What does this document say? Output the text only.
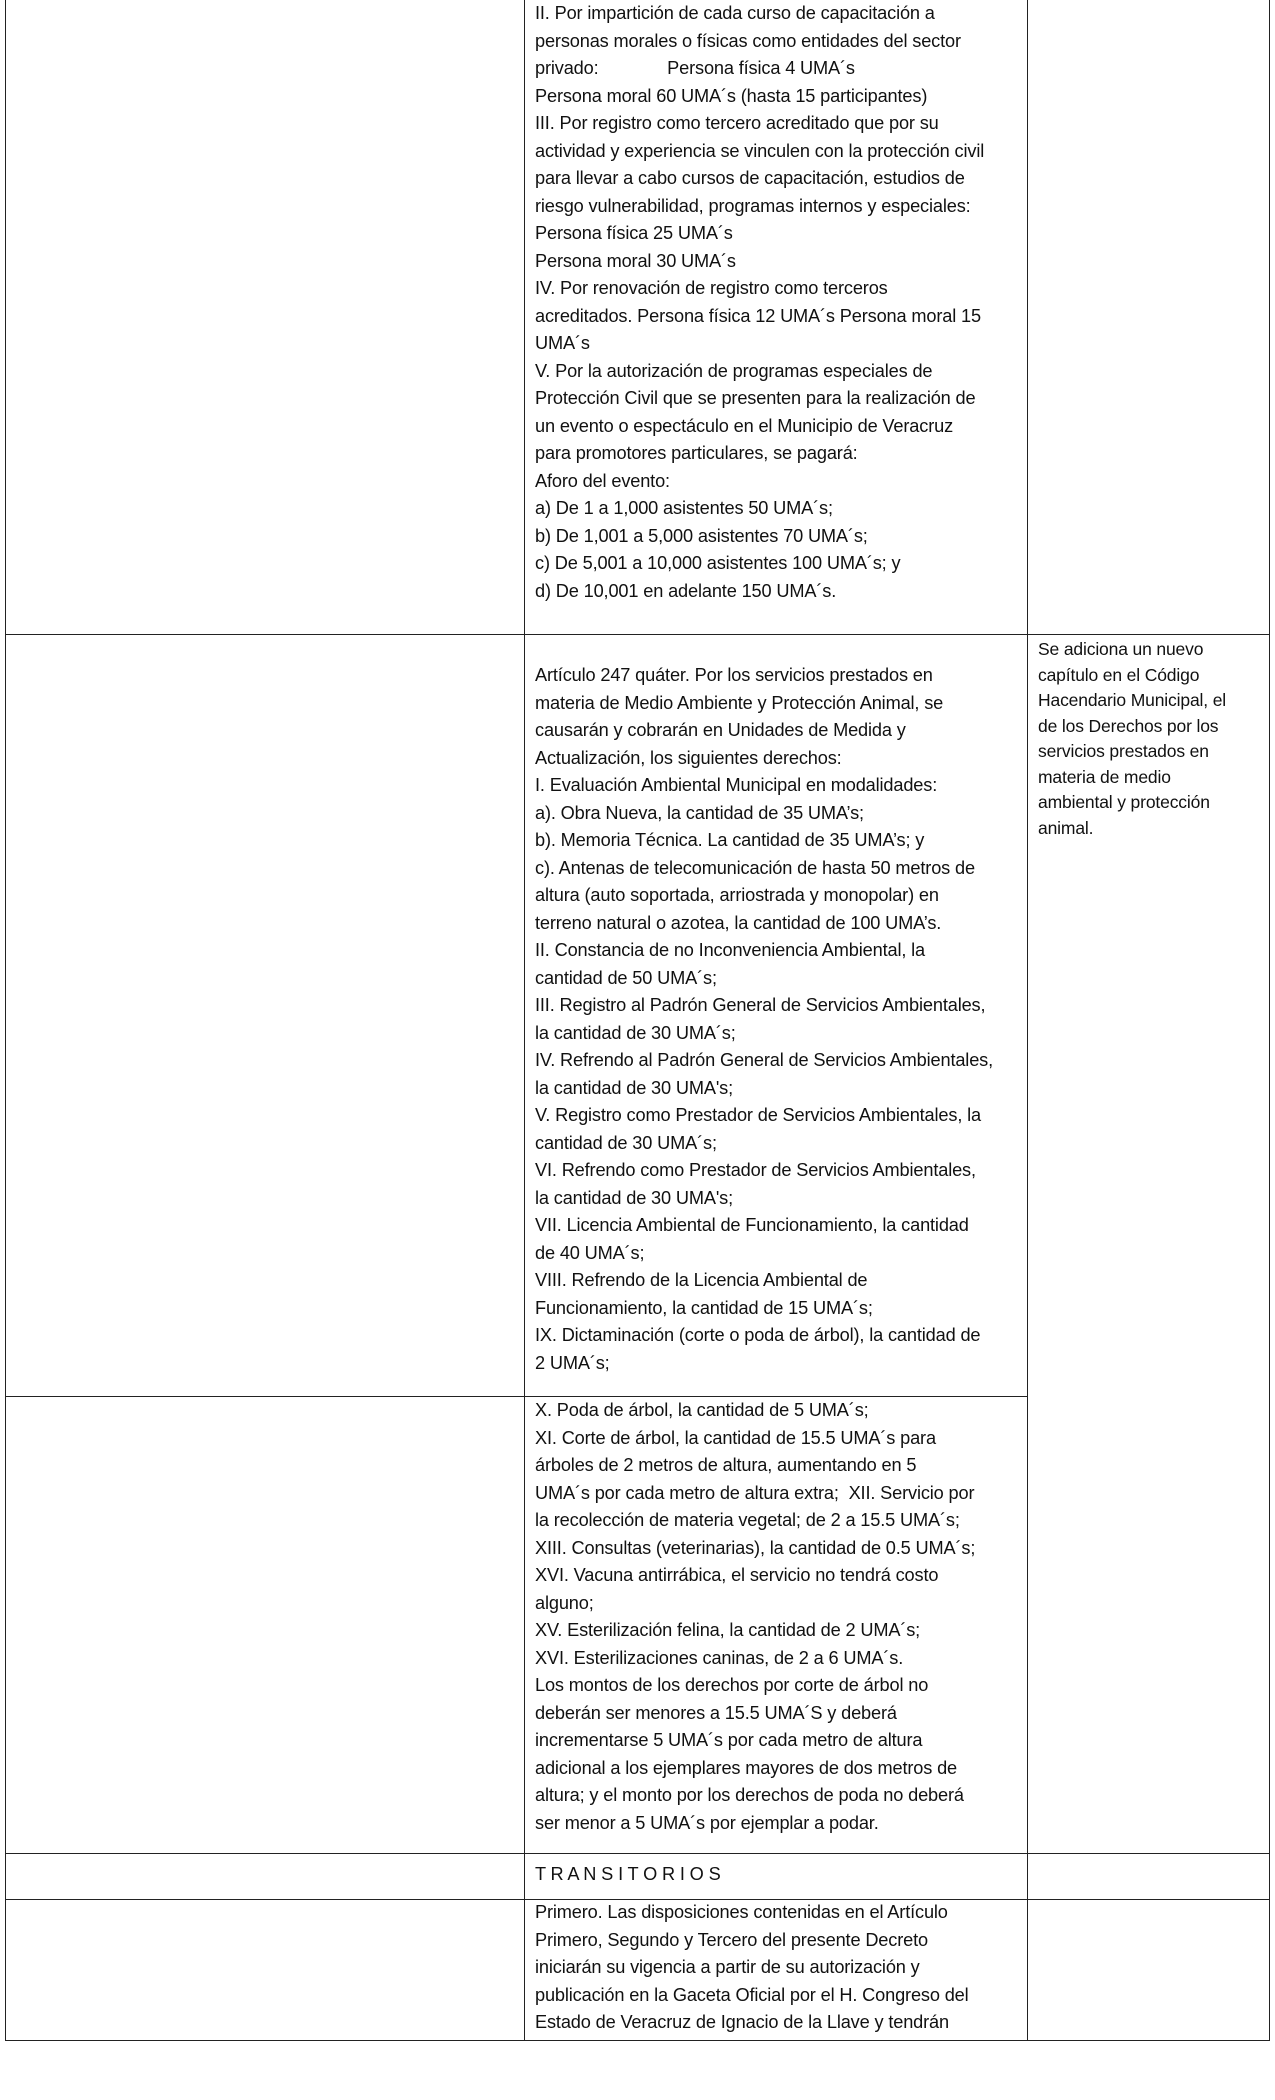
II. Por impartición de cada curso de capacitación a
personas morales o físicas como entidades del sector
privado:              Persona física 4 UMA´s
Persona moral 60 UMA´s (hasta 15 participantes)
III. Por registro como tercero acreditado que por su
actividad y experiencia se vinculen con la protección civil
para llevar a cabo cursos de capacitación, estudios de
riesgo vulnerabilidad, programas internos y especiales:
Persona física 25 UMA´s
Persona moral 30 UMA´s
IV. Por renovación de registro como terceros
acreditados. Persona física 12 UMA´s Persona moral 15
UMA´s
V. Por la autorización de programas especiales de
Protección Civil que se presenten para la realización de
un evento o espectáculo en el Municipio de Veracruz
para promotores particulares, se pagará:
Aforo del evento:
a) De 1 a 1,000 asistentes 50 UMA´s;
b) De 1,001 a 5,000 asistentes 70 UMA´s;
c) De 5,001 a 10,000 asistentes 100 UMA´s; y
d) De 10,001 en adelante 150 UMA´s.
Artículo 247 quáter. Por los servicios prestados en
materia de Medio Ambiente y Protección Animal, se
causarán y cobrarán en Unidades de Medida y
Actualización, los siguientes derechos:
I. Evaluación Ambiental Municipal en modalidades:
a). Obra Nueva, la cantidad de 35 UMA’s;
b). Memoria Técnica. La cantidad de 35 UMA’s; y
c). Antenas de telecomunicación de hasta 50 metros de
altura (auto soportada, arriostrada y monopolar) en
terreno natural o azotea, la cantidad de 100 UMA’s.
II. Constancia de no Inconveniencia Ambiental, la
cantidad de 50 UMA´s;
III. Registro al Padrón General de Servicios Ambientales,
la cantidad de 30 UMA´s;
IV. Refrendo al Padrón General de Servicios Ambientales,
la cantidad de 30 UMA's;
V. Registro como Prestador de Servicios Ambientales, la
cantidad de 30 UMA´s;
VI. Refrendo como Prestador de Servicios Ambientales,
la cantidad de 30 UMA's;
VII. Licencia Ambiental de Funcionamiento, la cantidad
de 40 UMA´s;
VIII. Refrendo de la Licencia Ambiental de
Funcionamiento, la cantidad de 15 UMA´s;
IX. Dictaminación (corte o poda de árbol), la cantidad de
2 UMA´s;
Se adiciona un nuevo
capítulo en el Código
Hacendario Municipal, el
de los Derechos por los
servicios prestados en
materia de medio
ambiental y protección
animal.
X. Poda de árbol, la cantidad de 5 UMA´s;
XI. Corte de árbol, la cantidad de 15.5 UMA´s para
árboles de 2 metros de altura, aumentando en 5
UMA´s por cada metro de altura extra;  XII. Servicio por
la recolección de materia vegetal; de 2 a 15.5 UMA´s;
XIII. Consultas (veterinarias), la cantidad de 0.5 UMA´s;
XVI. Vacuna antirrábica, el servicio no tendrá costo
alguno;
XV. Esterilización felina, la cantidad de 2 UMA´s;
XVI. Esterilizaciones caninas, de 2 a 6 UMA´s.
Los montos de los derechos por corte de árbol no
deberán ser menores a 15.5 UMA´S y deberá
incrementarse 5 UMA´s por cada metro de altura
adicional a los ejemplares mayores de dos metros de
altura; y el monto por los derechos de poda no deberá
ser menor a 5 UMA´s por ejemplar a podar.
T R A N S I T O R I O S
Primero. Las disposiciones contenidas en el Artículo
Primero, Segundo y Tercero del presente Decreto
iniciarán su vigencia a partir de su autorización y
publicación en la Gaceta Oficial por el H. Congreso del
Estado de Veracruz de Ignacio de la Llave y tendrán
